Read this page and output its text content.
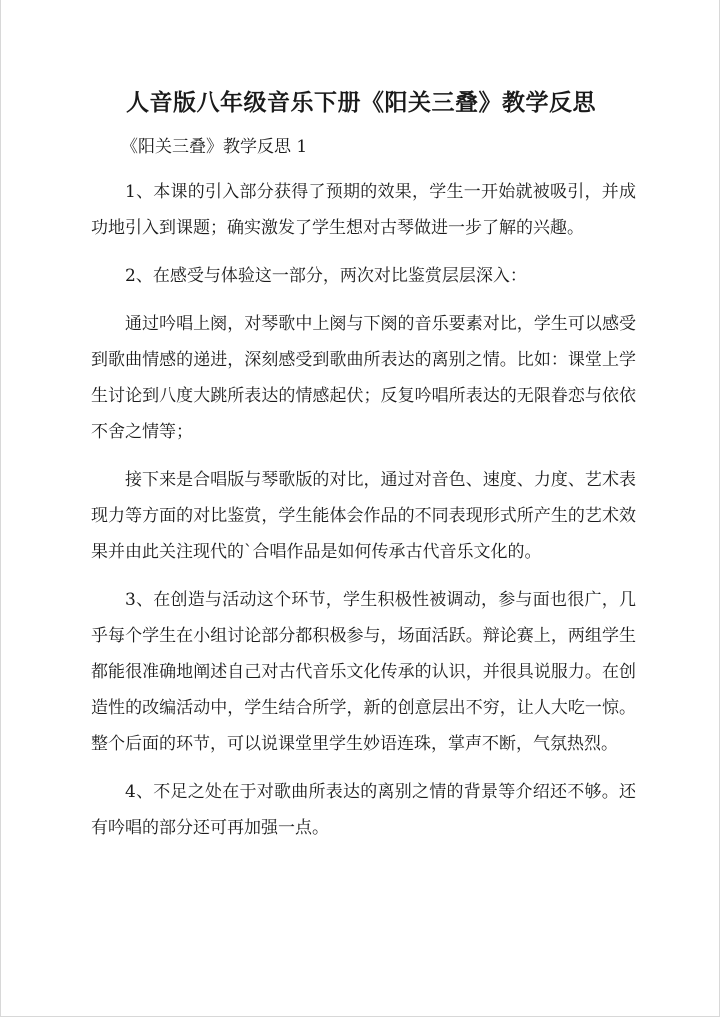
人音版八年级音乐下册《阳关三叠》教学反思

《阳关三叠》教学反思 1

1、本课的引入部分获得了预期的效果，学生一开始就被吸引，并成功地引入到课题；确实激发了学生想对古琴做进一步了解的兴趣。

2、在感受与体验这一部分，两次对比鉴赏层层深入：

通过吟唱上阕，对琴歌中上阕与下阕的音乐要素对比，学生可以感受到歌曲情感的递进，深刻感受到歌曲所表达的离别之情。比如：课堂上学生讨论到八度大跳所表达的情感起伏；反复吟唱所表达的无限眷恋与依依不舍之情等；

接下来是合唱版与琴歌版的对比，通过对音色、速度、力度、艺术表现力等方面的对比鉴赏，学生能体会作品的不同表现形式所产生的艺术效果并由此关注现代的`合唱作品是如何传承古代音乐文化的。

3、在创造与活动这个环节，学生积极性被调动，参与面也很广，几乎每个学生在小组讨论部分都积极参与，场面活跃。辩论赛上，两组学生都能很准确地阐述自己对古代音乐文化传承的认识，并很具说服力。在创造性的改编活动中，学生结合所学，新的创意层出不穷，让人大吃一惊。整个后面的环节，可以说课堂里学生妙语连珠，掌声不断，气氛热烈。

4、不足之处在于对歌曲所表达的离别之情的背景等介绍还不够。还有吟唱的部分还可再加强一点。
